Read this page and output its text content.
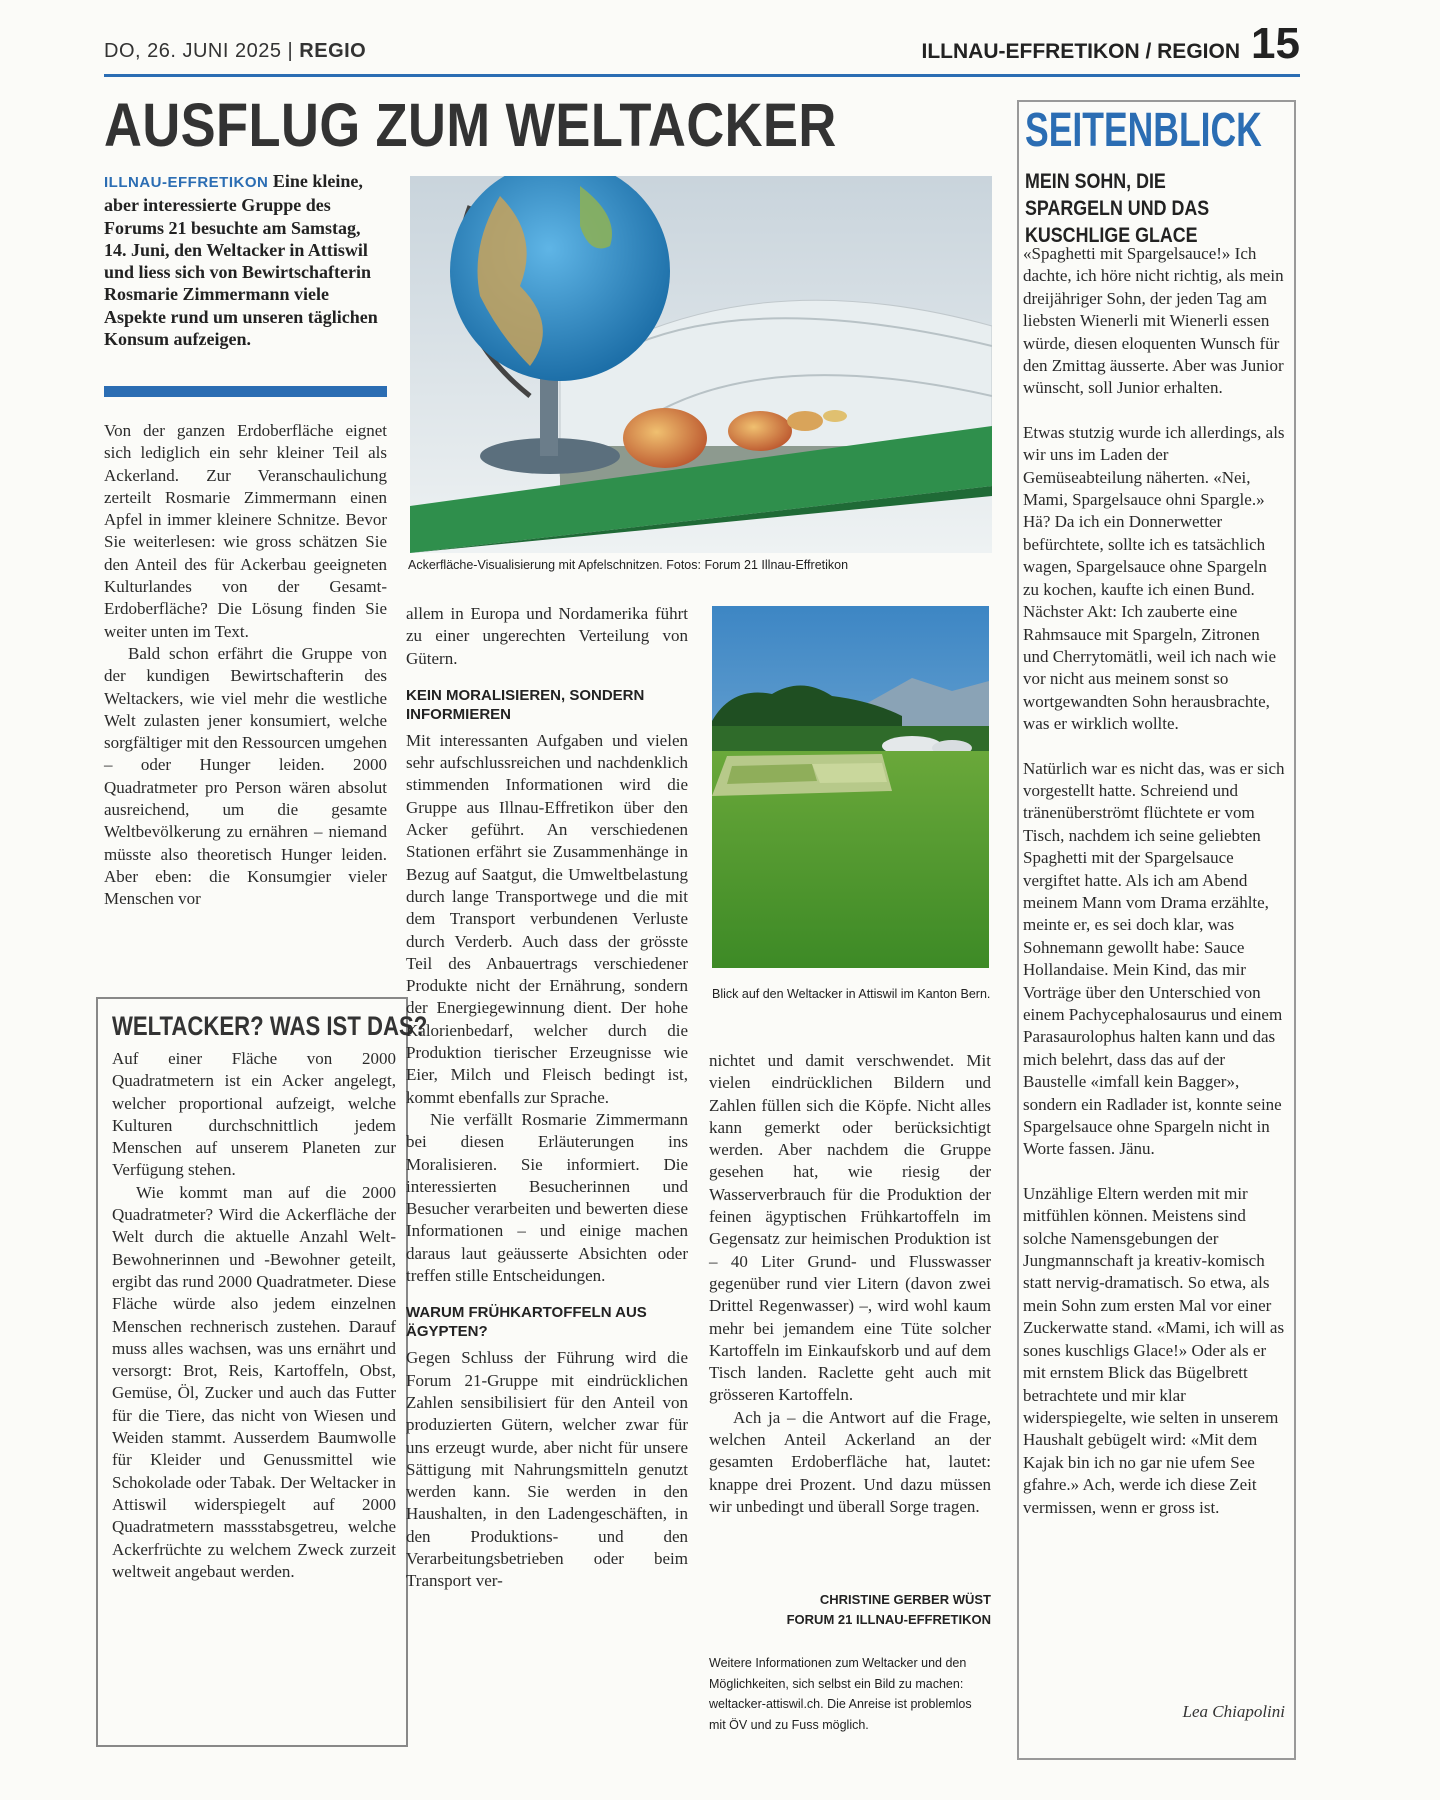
DO, 26. JUNI 2025 | REGIO	15
ILLNAU-EFFRETIKON / REGION
AUSFLUG ZUM WELTACKER
ILLNAU-EFFRETIKON Eine kleine, aber interessierte Gruppe des Forums 21 besuchte am Samstag, 14. Juni, den Weltacker in Attiswil und liess sich von Bewirtschafterin Rosmarie Zimmermann viele Aspekte rund um unseren täglichen Konsum aufzeigen.

Von der ganzen Erdoberfläche eignet sich lediglich ein sehr kleiner Teil als Ackerland. Zur Veranschaulichung zerteilt Rosmarie Zimmermann einen Apfel in immer kleinere Schnitze. Bevor Sie weiterlesen: wie gross schätzen Sie den Anteil des für Ackerbau geeigneten Kulturlandes von der Gesamt-Erdoberfläche? Die Lösung finden Sie weiter unten im Text.

Bald schon erfährt die Gruppe von der kundigen Bewirtschafterin des Weltackers, wie viel mehr die westliche Welt zulasten jener konsumiert, welche sorgfältiger mit den Ressourcen umgehen – oder Hunger leiden. 2000 Quadratmeter pro Person wären absolut ausreichend, um die gesamte Weltbevölkerung zu ernähren – niemand müsste also theoretisch Hunger leiden. Aber eben: die Konsumgier vieler Menschen vor

WELTACKER? WAS IST DAS?

Auf einer Fläche von 2000 Quadratmetern ist ein Acker angelegt, welcher proportional aufzeigt, welche Kulturen durchschnittlich jedem Menschen auf unserem Planeten zur Verfügung stehen.

Wie kommt man auf die 2000 Quadratmeter? Wird die Ackerfläche der Welt durch die aktuelle Anzahl Welt-Bewohnerinnen und -Bewohner geteilt, ergibt das rund 2000 Quadratmeter. Diese Fläche würde also jedem einzelnen Menschen rechnerisch zustehen. Darauf muss alles wachsen, was uns ernährt und versorgt: Brot, Reis, Kartoffeln, Obst, Gemüse, Öl, Zucker und auch das Futter für die Tiere, das nicht von Wiesen und Weiden stammt. Ausserdem Baumwolle für Kleider und Genussmittel wie Schokolade oder Tabak. Der Weltacker in Attiswil widerspiegelt auf 2000 Quadratmetern massstabsgetreu, welche Ackerfrüchte zu welchem Zweck zurzeit weltweit angebaut werden.

Ackerfläche-Visualisierung mit Apfelschnitzen. Fotos: Forum 21 Illnau-Effretikon

allem in Europa und Nordamerika führt zu einer ungerechten Verteilung von Gütern.

KEIN MORALISIEREN, SONDERN INFORMIEREN

Mit interessanten Aufgaben und vielen sehr aufschlussreichen und nachdenklich stimmenden Informationen wird die Gruppe aus Illnau-Effretikon über den Acker geführt. An verschiedenen Stationen erfährt sie Zusammenhänge in Bezug auf Saatgut, die Umweltbelastung durch lange Transportwege und die mit dem Transport verbundenen Verluste durch Verderb. Auch dass der grösste Teil des Anbauertrags verschiedener Produkte nicht der Ernährung, sondern der Energiegewinnung dient. Der hohe Kalorienbedarf, welcher durch die Produktion tierischer Erzeugnisse wie Eier, Milch und Fleisch bedingt ist, kommt ebenfalls zur Sprache.

Nie verfällt Rosmarie Zimmermann bei diesen Erläuterungen ins Moralisieren. Sie informiert. Die interessierten Besucherinnen und Besucher verarbeiten und bewerten diese Informationen – und einige machen daraus laut geäusserte Absichten oder treffen stille Entscheidungen.

WARUM FRÜHKARTOFFELN AUS ÄGYPTEN?

Gegen Schluss der Führung wird die Forum 21-Gruppe mit eindrücklichen Zahlen sensibilisiert für den Anteil von produzierten Gütern, welcher zwar für uns erzeugt wurde, aber nicht für unsere Sättigung mit Nahrungsmitteln genutzt werden kann. Sie werden in den Haushalten, in den Ladengeschäften, in den Produktions- und den Verarbeitungsbetrieben oder beim Transport ver-

Blick auf den Weltacker in Attiswil im Kanton Bern.

nichtet und damit verschwendet. Mit vielen eindrücklichen Bildern und Zahlen füllen sich die Köpfe. Nicht alles kann gemerkt oder berücksichtigt werden. Aber nachdem die Gruppe gesehen hat, wie riesig der Wasserverbrauch für die Produktion der feinen ägyptischen Frühkartoffeln im Gegensatz zur heimischen Produktion ist – 40 Liter Grund- und Flusswasser gegenüber rund vier Litern (davon zwei Drittel Regenwasser) –, wird wohl kaum mehr bei jemandem eine Tüte solcher Kartoffeln im Einkaufskorb und auf dem Tisch landen. Raclette geht auch mit grösseren Kartoffeln.

Ach ja – die Antwort auf die Frage, welchen Anteil Ackerland an der gesamten Erdoberfläche hat, lautet: knappe drei Prozent. Und dazu müssen wir unbedingt und überall Sorge tragen.

CHRISTINE GERBER WÜST
FORUM 21 ILLNAU-EFFRETIKON
Weitere Informationen zum Weltacker und den Möglichkeiten, sich selbst ein Bild zu machen: weltacker-attiswil.ch. Die Anreise ist problemlos mit ÖV und zu Fuss möglich.
SEITENBLICK
MEIN SOHN, DIE SPARGELN UND DAS KUSCHLIGE GLACE

«Spaghetti mit Spargelsauce!» Ich dachte, ich höre nicht richtig, als mein dreijähriger Sohn, der jeden Tag am liebsten Wienerli mit Wienerli essen würde, diesen eloquenten Wunsch für den Zmittag äusserte. Aber was Junior wünscht, soll Junior erhalten.

Etwas stutzig wurde ich allerdings, als wir uns im Laden der Gemüseabteilung näherten. «Nei, Mami, Spargelsauce ohni Spargle.» Hä? Da ich ein Donnerwetter befürchtete, sollte ich es tatsächlich wagen, Spargelsauce ohne Spargeln zu kochen, kaufte ich einen Bund. Nächster Akt: Ich zauberte eine Rahmsauce mit Spargeln, Zitronen und Cherrytomätli, weil ich nach wie vor nicht aus meinem sonst so wortgewandten Sohn herausbrachte, was er wirklich wollte.

Natürlich war es nicht das, was er sich vorgestellt hatte. Schreiend und tränenüberströmt flüchtete er vom Tisch, nachdem ich seine geliebten Spaghetti mit der Spargelsauce vergiftet hatte. Als ich am Abend meinem Mann vom Drama erzählte, meinte er, es sei doch klar, was Sohnemann gewollt habe: Sauce Hollandaise. Mein Kind, das mir Vorträge über den Unterschied von einem Pachycephalosaurus und einem Parasaurolophus halten kann und das mich belehrt, dass das auf der Baustelle «imfall kein Bagger», sondern ein Radlader ist, konnte seine Spargelsauce ohne Spargeln nicht in Worte fassen. Jänu.

Unzählige Eltern werden mit mir mitfühlen können. Meistens sind solche Namensgebungen der Jungmannschaft ja kreativ-komisch statt nervig-dramatisch. So etwa, als mein Sohn zum ersten Mal vor einer Zuckerwatte stand. «Mami, ich will as sones kuschligs Glace!» Oder als er mit ernstem Blick das Bügelbrett betrachtete und mir klar widerspiegelte, wie selten in unserem Haushalt gebügelt wird: «Mit dem Kajak bin ich no gar nie ufem See gfahre.» Ach, werde ich diese Zeit vermissen, wenn er gross ist.

Lea Chiapolini
